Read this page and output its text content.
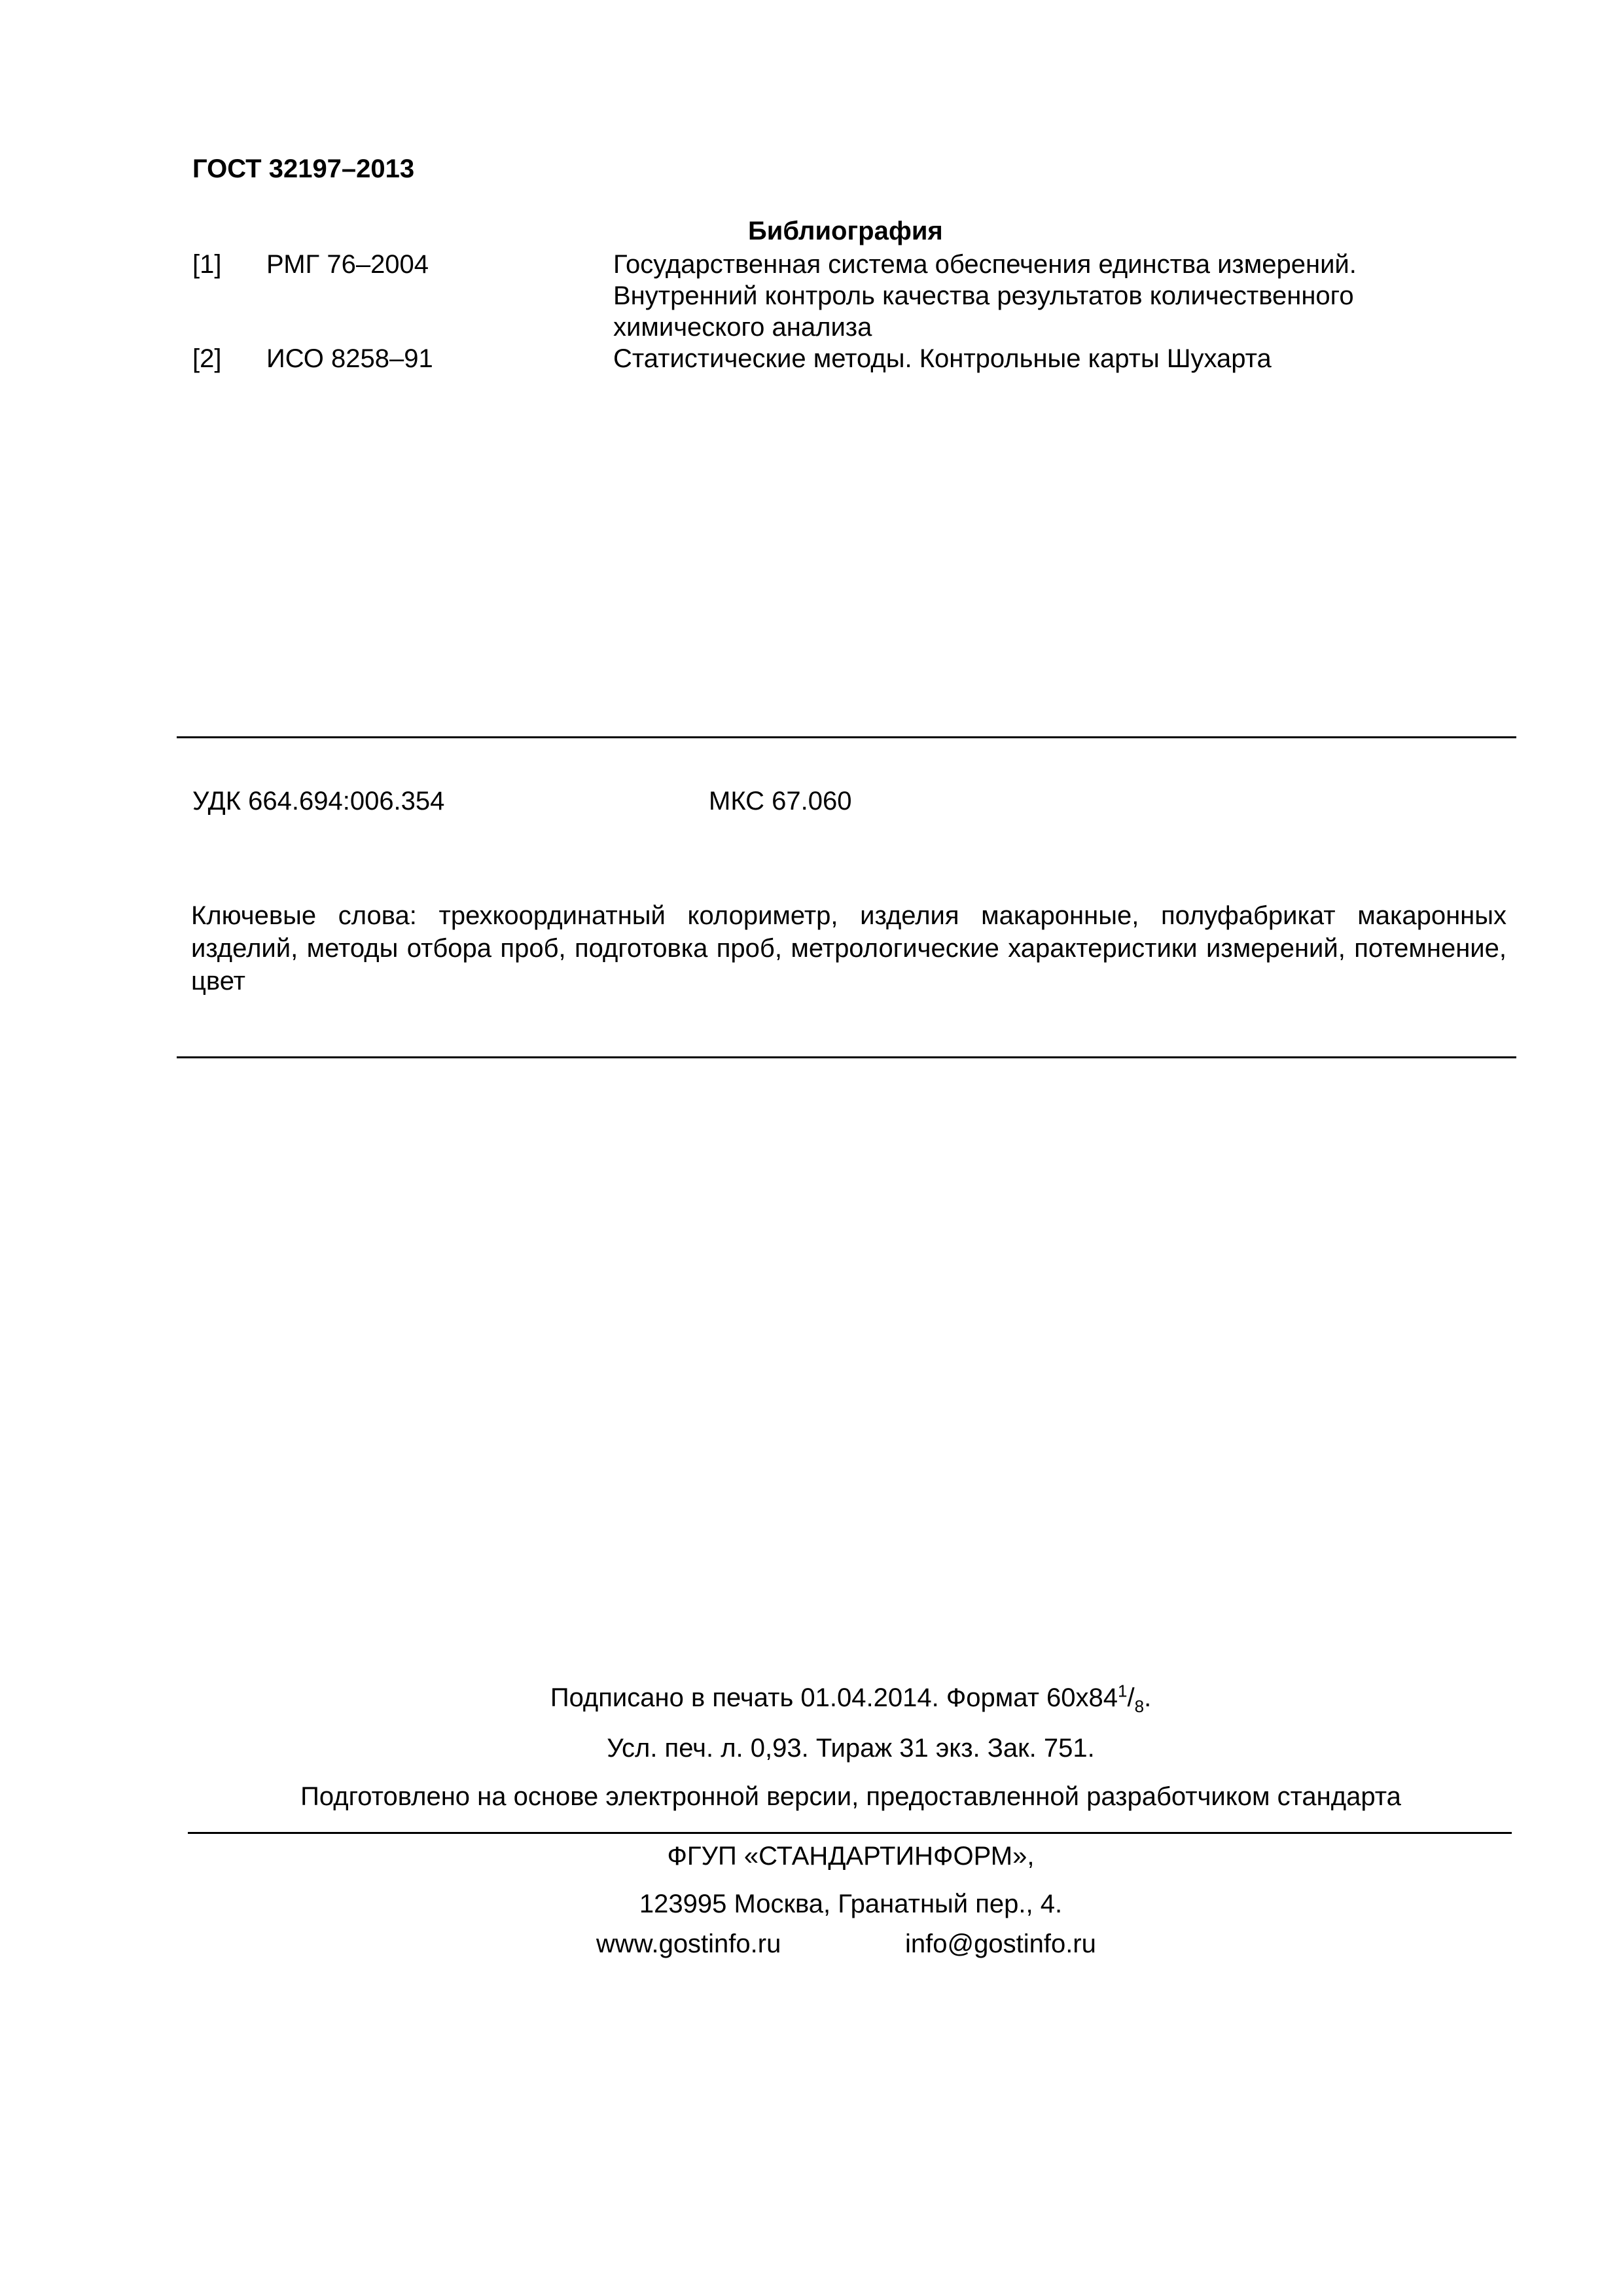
ГОСТ 32197–2013
Библиография
[1] РМГ 76–2004	Государственная система обеспечения единства измерений.
Внутренний контроль качества результатов количественного
химического анализа
[2] ИСО 8258–91	Статистические методы. Контрольные карты Шухарта
УДК 664.694:006.354	МКС 67.060
Ключевые слова: трехкоординатный колориметр, изделия макаронные, полуфабрикат макаронных изделий, методы отбора проб, подготовка проб, метрологические характеристики измерений, потемнение, цвет
Подписано в печать 01.04.2014. Формат $60х84^1/_8$.
Усл. печ. л. 0,93. Тираж 31 экз. Зак. 751.
Подготовлено на основе электронной версии, предоставленной разработчиком стандарта
ФГУП «СТАНДАРТИНФОРМ»,
123995 Москва, Гранатный пер., 4.
www.gostinfo.ru	info@gostinfo.ru
